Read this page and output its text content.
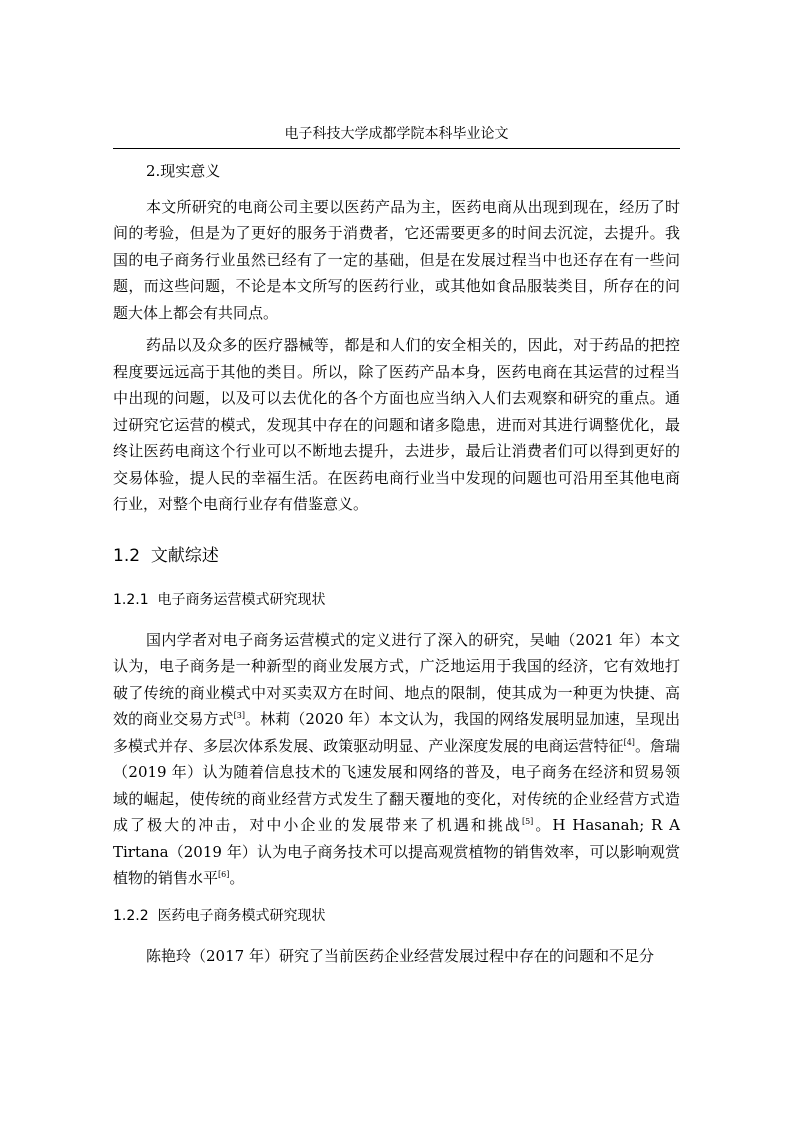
电子科技大学成都学院本科毕业论文

2.现实意义

本文所研究的电商公司主要以医药产品为主，医药电商从出现到现在，经历了时间的考验，但是为了更好的服务于消费者，它还需要更多的时间去沉淀，去提升。我国的电子商务行业虽然已经有了一定的基础，但是在发展过程当中也还存在有一些问题，而这些问题，不论是本文所写的医药行业，或其他如食品服装类目，所存在的问题大体上都会有共同点。

药品以及众多的医疗器械等，都是和人们的安全相关的，因此，对于药品的把控程度要远远高于其他的类目。所以，除了医药产品本身，医药电商在其运营的过程当中出现的问题，以及可以去优化的各个方面也应当纳入人们去观察和研究的重点。通过研究它运营的模式，发现其中存在的问题和诸多隐患，进而对其进行调整优化，最终让医药电商这个行业可以不断地去提升，去进步，最后让消费者们可以得到更好的交易体验，提人民的幸福生活。在医药电商行业当中发现的问题也可沿用至其他电商行业，对整个电商行业存有借鉴意义。

1.2 文献综述
1.2.1 电子商务运营模式研究现状

国内学者对电子商务运营模式的定义进行了深入的研究，吴岫（2021 年）本文认为，电子商务是一种新型的商业发展方式，广泛地运用于我国的经济，它有效地打破了传统的商业模式中对买卖双方在时间、地点的限制，使其成为一种更为快捷、高效的商业交易方式[3]。林莉（2020 年）本文认为，我国的网络发展明显加速，呈现出多模式并存、多层次体系发展、政策驱动明显、产业深度发展的电商运营特征[4]。詹瑞（2019 年）认为随着信息技术的飞速发展和网络的普及，电子商务在经济和贸易领域的崛起，使传统的商业经营方式发生了翻天覆地的变化，对传统的企业经营方式造成了极大的冲击，对中小企业的发展带来了机遇和挑战[5]。H Hasanah; R A Tirtana（2019 年）认为电子商务技术可以提高观赏植物的销售效率，可以影响观赏植物的销售水平[6]。

1.2.2 医药电子商务模式研究现状

陈艳玲（2017 年）研究了当前医药企业经营发展过程中存在的问题和不足分
